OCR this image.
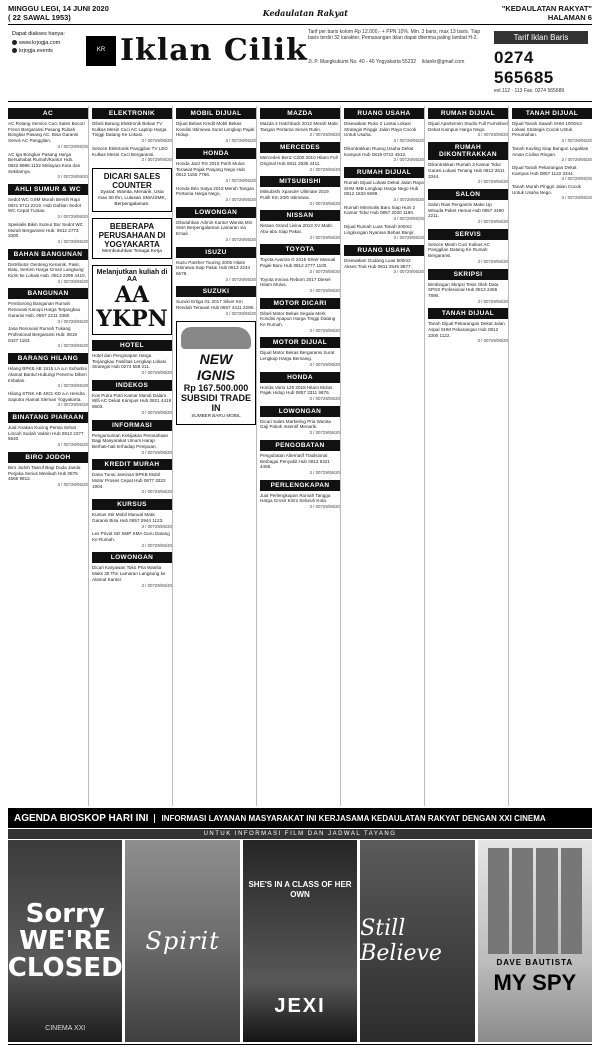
MINGGU LEGI, 14 JUNI 2020
( 22 SAWAL 1953)	Kedaulatan Rakyat	"KEDAULATAN RAKYAT"
HALAMAN 6
Dapat diakses hanya:
www.krjogja.com
krjogja.events	KR Iklan Cilik
Tarif per baris kolom Rp 12.000,- + PPN 10%. Min. 3 baris, max 13 baris. Tiap baris terdiri 32 karakter. Pemasangan iklan dapat diterima paling lambat H-2.
Jl. P. Mangkubumi No. 40 - 46 Yogyakarta 55232 iklankr@gmail.com
Tarif Iklan Baris
0274 565685
ext.112 - 113 Fax. 0274 565689
AC
AC Rutang Service Cuci Sales Bocor/ Freon Bergaransi Pasang Rubah Bongkar Pasang AC. Bisa Garansi Servis AC Panggilan.
3 / 00729/06/20
AC Iga Bongkar Pasang Harga Bersahabat Rumah/Kantor Hub. 0822.9988.1122 Melayani Kota dan Sekitarnya.
3 / 00729/06/20
AHLI SUMUR & WC
Sedot WC 0,8M Murah Bersih Rapi 0821 5711 2219. Hub Dahlan Sedot WC Cepat Tuntas.
3 / 00729/06/20
Spesialis Bikin Sumur Bor Sedot WC Murah Bergaransi Hub: 0812 2773 3300.
3 / 00729/06/20
BAHAN BANGUNAN
Distributor Genteng Keramik, Pasir, Batu, Semen Harga Grosir Langsung Kirim ke Lokasi Hub. 0813 2299 4410.
3 / 00729/06/20
BANGUNAN
Pemborong Bangunan Rumah Renovasi Kanopi Harga Terjangkau Garansi Hub. 0857 2211 3380.
3 / 00729/06/20
Jasa Renovasi Rumah Tukang Profesional Bergaransi Hub: 0819 0427 1183.
3 / 00729/06/20
BARANG HILANG
Hilang BPKB AB 1515 LA a.n Suhartini Alamat Bantul Hubungi Penemu Diberi Imbalan.
3 / 00729/06/20
Hilang STNK AB 4821 KD a.n Hendra Saputra Alamat Sleman Yogyakarta.
3 / 00729/06/20
BINATANG PIARAAN
Jual Anakan Kucing Persia Sehat Lincah Sudah Vaksin Hub 0812 2277 5540.
3 / 00729/06/20
BIRO JODOH
Biro Jodoh Taaruf Bagi Duda Janda Perjaka Serius Menikah Hub 0878 4566 9812.
3 / 00729/06/20
ELEKTRONIK
Dibeli Barang Elektronik Bekas TV Kulkas Mesin Cuci AC Laptop Harga Tinggi Datang Ke Lokasi.
3 / 00729/06/20
Service Elektronik Panggilan TV LED Kulkas Mesin Cuci Bergaransi.
3 / 00729/06/20
DICARI SALES COUNTER

Syarat: Wanita, Menarik, Usia max 30 thn, Lulusan SMA/SMK, Berpengalaman.

BEBERAPA PERUSAHAAN DI YOGYAKARTA

Membutuhkan Tenaga Kerja

Melanjutkan kuliah di AA
AA YKPN
HOTEL
Hotel dan Penginapan Harga Terjangkau Fasilitas Lengkap Lokasi Strategis Hub 0274 558 211.
3 / 00729/06/20
INDEKOS
Kos Putra Putri Kamar Mandi Dalam Wifi AC Dekat Kampus Hub 0821 4419 6603.
3 / 00729/06/20
INFORMASI
Pengumuman Kebijakan Perusahaan Bagi Masyarakat Umum Harap Berhati-hati terhadap Penipuan.
3 / 00729/06/20
KREDIT MURAH
Dana Tunai Jaminan BPKB Mobil Motor Proses Cepat Hub 0877 3322 1904.
3 / 00729/06/20
KURSUS
Kursus Stir Mobil Manual Matic Garansi Bisa Hub 0857 2944 1123.
3 / 00729/06/20
Les Privat SD SMP SMA Guru Datang Ke Rumah.
3 / 00729/06/20
LOWONGAN
Dicari Karyawan Toko Pria Wanita Maks 30 Thn Lamaran Langsung ke Alamat Kantor.
3 / 00729/06/20
MOBIL DIJUAL
Dijual Bebas Kredit Mobil Bekas Kondisi Istimewa Surat Lengkap Pajak Hidup.
3 / 00729/06/20
HONDA
Honda Jazz RS 2015 Putih Mulus Terawat Pajak Panjang Nego Hub 0812 1155 7766.
3 / 00729/06/20
Honda Brio Satya 2018 Merah Tangan Pertama Harga Nego.
3 / 00729/06/20
LOWONGAN
Dibutuhkan Admin Kantor Wanita Min SMA Berpengalaman Lamaran via Email.
3 / 00729/06/20
ISUZU
Isuzu Panther Touring 2005 Hitam Istimewa Siap Pakai Hub 0813 2244 6678.
3 / 00729/06/20
SUZUKI
Suzuki Ertiga GL 2017 Silver Km Rendah Terawat Hub 0857 4411 2290.
3 / 00729/06/20
NEW IGNIS
Rp 167.500.000
SUBSIDI TRADE IN
SUMBER BARU MOBIL
MAZDA
Mazda 2 Hatchback 2012 Merah Matic Tangan Pertama Servis Rutin.
3 / 00729/06/20
MERCEDES
Mercedes Benz C200 2010 Hitam Full Original Hub 0811 2938 4411.
3 / 00729/06/20
MITSUBISHI
Mitsubishi Xpander Ultimate 2019 Putih Km 20rb Istimewa.
3 / 00729/06/20
NISSAN
Nissan Grand Livina 2013 XV Matic Abu-abu Siap Pakai.
3 / 00729/06/20
TOYOTA
Toyota Avanza G 2015 Silver Manual Pajak Baru Hub 0812 2777 1100.
3 / 00729/06/20
Toyota Innova Reborn 2017 Diesel Hitam Mulus.
3 / 00729/06/20
MOTOR DICARI
Dibeli Motor Bekas Segala Merk Kondisi Apapun Harga Tinggi Datang Ke Rumah.
3 / 00729/06/20
MOTOR DIJUAL
Dijual Motor Bekas Bergaransi Surat Lengkap Harga Bersaing.
3 / 00729/06/20
HONDA
Honda Vario 125 2018 Hitam Mulus Pajak Hidup Hub 0857 3311 9876.
3 / 00729/06/20
LOWONGAN
Dicari Sales Marketing Pria Wanita Gaji Pokok Insentif Menarik.
3 / 00729/06/20
PENGOBATAN
Pengobatan Alternatif Tradisional Berbagai Penyakit Hub 0813 9221 4455.
3 / 00729/06/20
PERLENGKAPAN
Jual Perlengkapan Rumah Tangga Harga Grosir Kirim Seluruh Kota.
3 / 00729/06/20
RUANG USAHA
Disewakan Ruko 2 Lantai Lokasi Strategis Pinggir Jalan Raya Cocok Untuk Usaha.
3 / 00729/06/20
Dikontrakkan Ruang Usaha Dekat Kampus Hub 0819 0722 4512.
3 / 00729/06/20
RUMAH DIJUAL
Rumah Dijual Lokasi Dekat Jalan Raya SHM IMB Lengkap Harga Nego Hub 0812 1833 6699.
3 / 00729/06/20
Rumah Minimalis Baru Siap Huni 2 Kamar Tidur Hub 0857 2020 1190.
3 / 00729/06/20
Dijual Rumah Luas Tanah 200m2 Lingkungan Nyaman Bebas Banjir.
3 / 00729/06/20
RUANG USAHA
Disewakan Gudang Luas 500m2 Akses Truk Hub 0811 2545 8877.
3 / 00729/06/20
RUMAH DIJUAL
Dijual Apartemen Studio Full Furnished Dekat Kampus Harga Nego.
3 / 00729/06/20
RUMAH DIKONTRAKKAN
Dikontrakkan Rumah 3 Kamar Tidur Garasi Lokasi Tenang Hub 0812 2611 3344.
3 / 00729/06/20
SALON
Salon Rias Pengantin Make Up Wisuda Paket Hemat Hub 0857 4490 2211.
3 / 00729/06/20
SERVIS
Service Mesin Cuci Kulkas AC Panggilan Datang Ke Rumah Bergaransi.
3 / 00729/06/20
SKRIPSI
Bimbingan Skripsi Tesis Olah Data SPSS Profesional Hub 0813 2456 7890.
3 / 00729/06/20
TANAH DIJUAL
Tanah Dijual Pekarangan Dekat Jalan Aspal SHM Pekarangan Hub 0812 3300 1122.
3 / 00729/06/20
TANAH DIJUAL
Dijual Tanah Sawah SHM 1000m2 Lokasi Strategis Cocok Untuk Perumahan.
3 / 00729/06/20
Tanah Kavling Siap Bangun Legalitas Aman Cicilan Ringan.
3 / 00729/06/20
Dijual Tanah Pekarangan Dekat Kampus Hub 0857 1122 3344.
3 / 00729/06/20
Tanah Murah Pinggir Jalan Cocok Untuk Usaha Nego.
3 / 00729/06/20
AGENDA BIOSKOP HARI INI	INFORMASI LAYANAN MASYARAKAT INI KERJASAMA KEDAULATAN RAKYAT DENGAN XXI CINEMA
UNTUK INFORMASI FILM DAN JADWAL TAYANG
Sorry WE'RE CLOSED
CINEMA XXI
Spirit
SHE'S IN A CLASS OF HER OWN
JEXI
Still Believe	DAVE BAUTISTA
MY SPY
